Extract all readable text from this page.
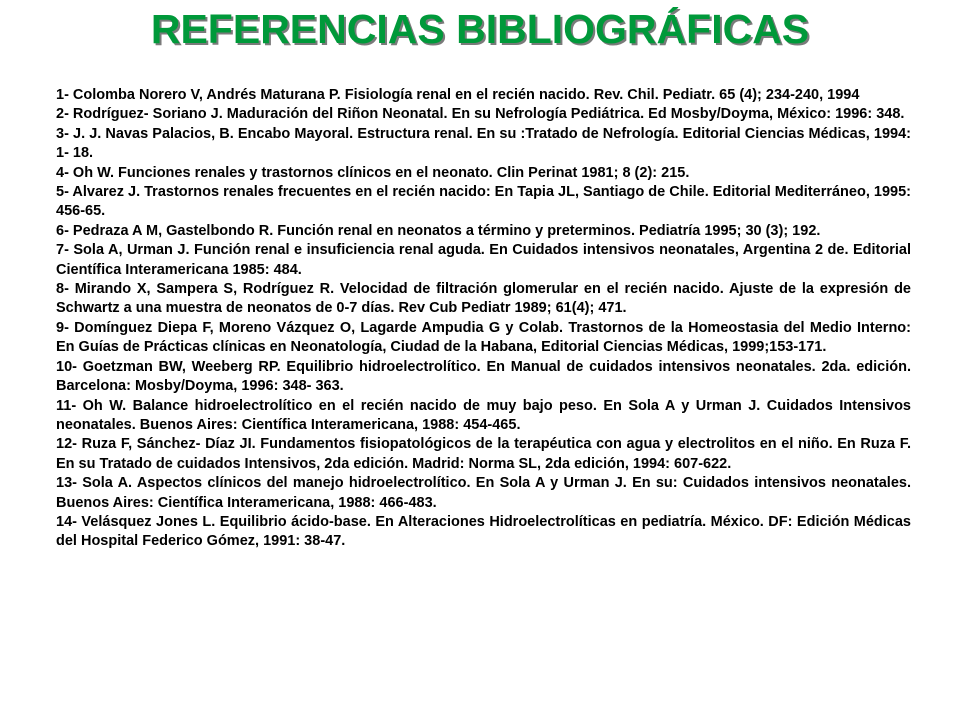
REFERENCIAS BIBLIOGRÁFICAS

1- Colomba Norero V, Andrés Maturana P. Fisiología renal en el recién nacido. Rev. Chil. Pediatr. 65 (4); 234-240, 1994

2- Rodríguez- Soriano J. Maduración del Riñon Neonatal. En su Nefrología Pediátrica. Ed Mosby/Doyma, México: 1996: 348.

3- J. J. Navas Palacios, B. Encabo Mayoral. Estructura renal. En su :Tratado de Nefrología. Editorial Ciencias Médicas, 1994: 1- 18.

4- Oh W. Funciones renales y trastornos clínicos en el neonato. Clin Perinat 1981; 8 (2): 215.

5- Alvarez J. Trastornos renales frecuentes en el recién nacido: En Tapia JL, Santiago de Chile. Editorial Mediterráneo, 1995: 456-65.

6- Pedraza A M, Gastelbondo R. Función renal en neonatos a término y preterminos. Pediatría 1995; 30 (3); 192.

7- Sola A, Urman J. Función renal e insuficiencia renal aguda. En Cuidados intensivos neonatales, Argentina 2 de. Editorial Científica Interamericana 1985: 484.

8- Mirando X, Sampera S, Rodríguez R. Velocidad de filtración glomerular en el recién nacido. Ajuste de la expresión de Schwartz a una muestra de neonatos de 0-7 días. Rev Cub Pediatr 1989; 61(4); 471.

9- Domínguez Diepa F, Moreno Vázquez O, Lagarde Ampudia G y Colab. Trastornos de la Homeostasia del Medio Interno: En Guías de Prácticas clínicas en Neonatología, Ciudad de la Habana, Editorial Ciencias Médicas, 1999;153-171.

10- Goetzman BW, Weeberg RP. Equilibrio hidroelectrolítico. En Manual de cuidados intensivos neonatales. 2da. edición. Barcelona: Mosby/Doyma, 1996: 348- 363.

11- Oh W. Balance hidroelectrolítico en el recién nacido de muy bajo peso. En Sola A y Urman J. Cuidados Intensivos neonatales. Buenos Aires: Científica Interamericana, 1988: 454-465.

12- Ruza F, Sánchez- Díaz JI. Fundamentos fisiopatológicos de la terapéutica con agua y electrolitos en el niño. En Ruza F. En su Tratado de cuidados Intensivos, 2da edición. Madrid: Norma SL, 2da edición, 1994: 607-622.

13- Sola A. Aspectos clínicos del manejo hidroelectrolítico. En Sola A y Urman J. En su: Cuidados intensivos neonatales. Buenos Aires: Científica Interamericana, 1988: 466-483.

14- Velásquez Jones L. Equilibrio ácido-base. En Alteraciones Hidroelectrolíticas en pediatría. México. DF: Edición Médicas del Hospital Federico Gómez, 1991: 38-47.
